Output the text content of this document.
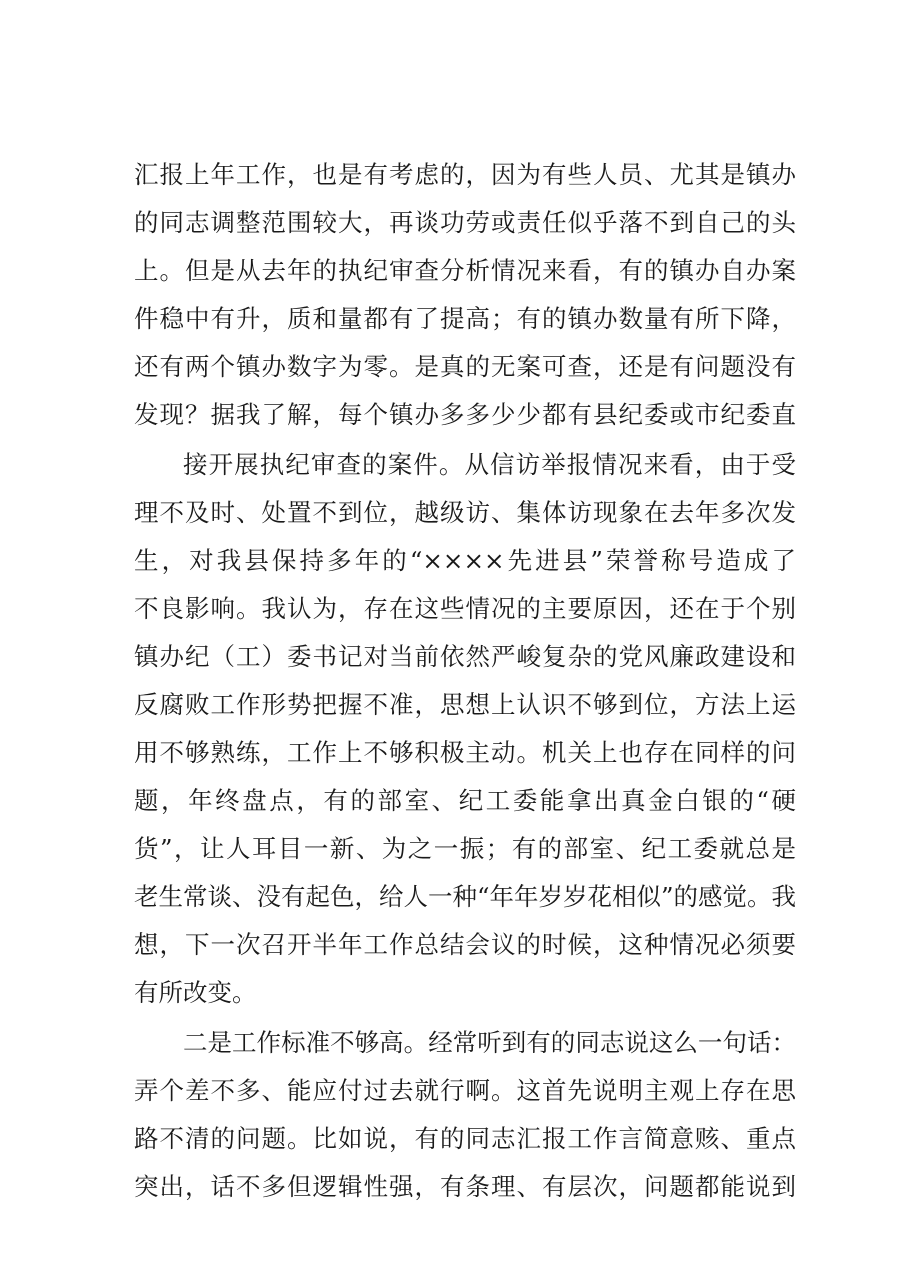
汇报上年工作，也是有考虑的，因为有些人员、尤其是镇办
的同志调整范围较大，再谈功劳或责任似乎落不到自己的头
上。但是从去年的执纪审查分析情况来看，有的镇办自办案
件稳中有升，质和量都有了提高；有的镇办数量有所下降，
还有两个镇办数字为零。是真的无案可查，还是有问题没有
发现？据我了解，每个镇办多多少少都有县纪委或市纪委直
接开展执纪审查的案件。从信访举报情况来看，由于受
理不及时、处置不到位，越级访、集体访现象在去年多次发
生，对我县保持多年的“××××先进县”荣誉称号造成了
不良影响。我认为，存在这些情况的主要原因，还在于个别
镇办纪（工）委书记对当前依然严峻复杂的党风廉政建设和
反腐败工作形势把握不准，思想上认识不够到位，方法上运
用不够熟练，工作上不够积极主动。机关上也存在同样的问
题，年终盘点，有的部室、纪工委能拿出真金白银的“硬
货”，让人耳目一新、为之一振；有的部室、纪工委就总是
老生常谈、没有起色，给人一种“年年岁岁花相似”的感觉。我
想，下一次召开半年工作总结会议的时候，这种情况必须要
有所改变。
二是工作标准不够高。经常听到有的同志说这么一句话：
弄个差不多、能应付过去就行啊。这首先说明主观上存在思
路不清的问题。比如说，有的同志汇报工作言简意赅、重点
突出，话不多但逻辑性强，有条理、有层次，问题都能说到
